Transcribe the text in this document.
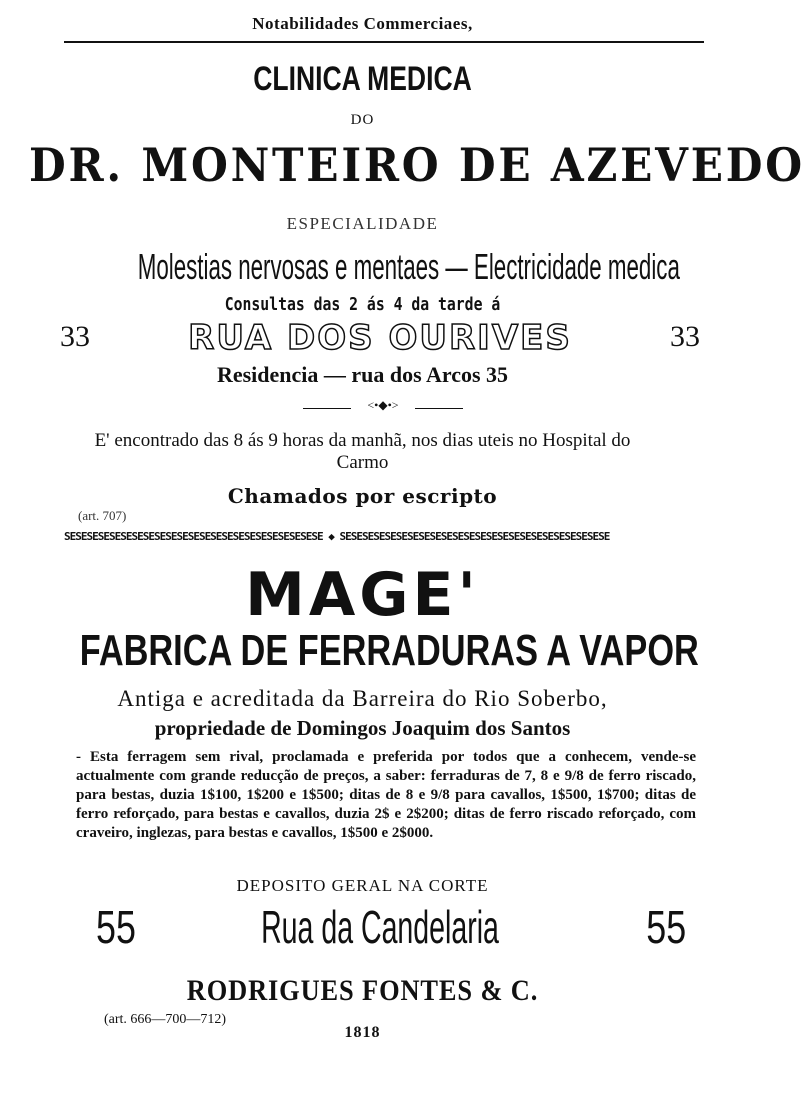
Notabilidades Commerciaes,
CLINICA MEDICA
DO
DR. MONTEIRO DE AZEVEDO
ESPECIALIDADE
Molestias nervosas e mentaes — Electricidade medica
Consultas das 2 ás 4 da tarde á
33	RUA DOS OURIVES	33
Residencia — rua dos Arcos 35
<•◆•>
E' encontrado das 8 ás 9 horas da manhã, nos dias uteis no Hospital do Carmo
Chamados por escripto
(art. 707)
SESESESESESESESESESESESESESESESESESESESESESESE ◆ SESESESESESESESESESESESESESESESESESESESESESESESE
MAGE'
FABRICA DE FERRADURAS A VAPOR
Antiga e acreditada da Barreira do Rio Soberbo,
propriedade de Domingos Joaquim dos Santos
- Esta ferragem sem rival, proclamada e preferida por todos que a conhecem, vende-se actualmente com grande reducção de preços, a saber: ferraduras de 7, 8 e 9/8 de ferro riscado, para bestas, duzia 1$100, 1$200 e 1$500; ditas de 8 e 9/8 para cavallos, 1$500, 1$700; ditas de ferro reforçado, para bestas e cavallos, duzia 2$ e 2$200; ditas de ferro riscado reforçado, com craveiro, inglezas, para bestas e cavallos, 1$500 e 2$000.
DEPOSITO GERAL NA CORTE
Rua da Candelaria
55	55
RODRIGUES FONTES & C.
(art. 666—700—712)
1818
